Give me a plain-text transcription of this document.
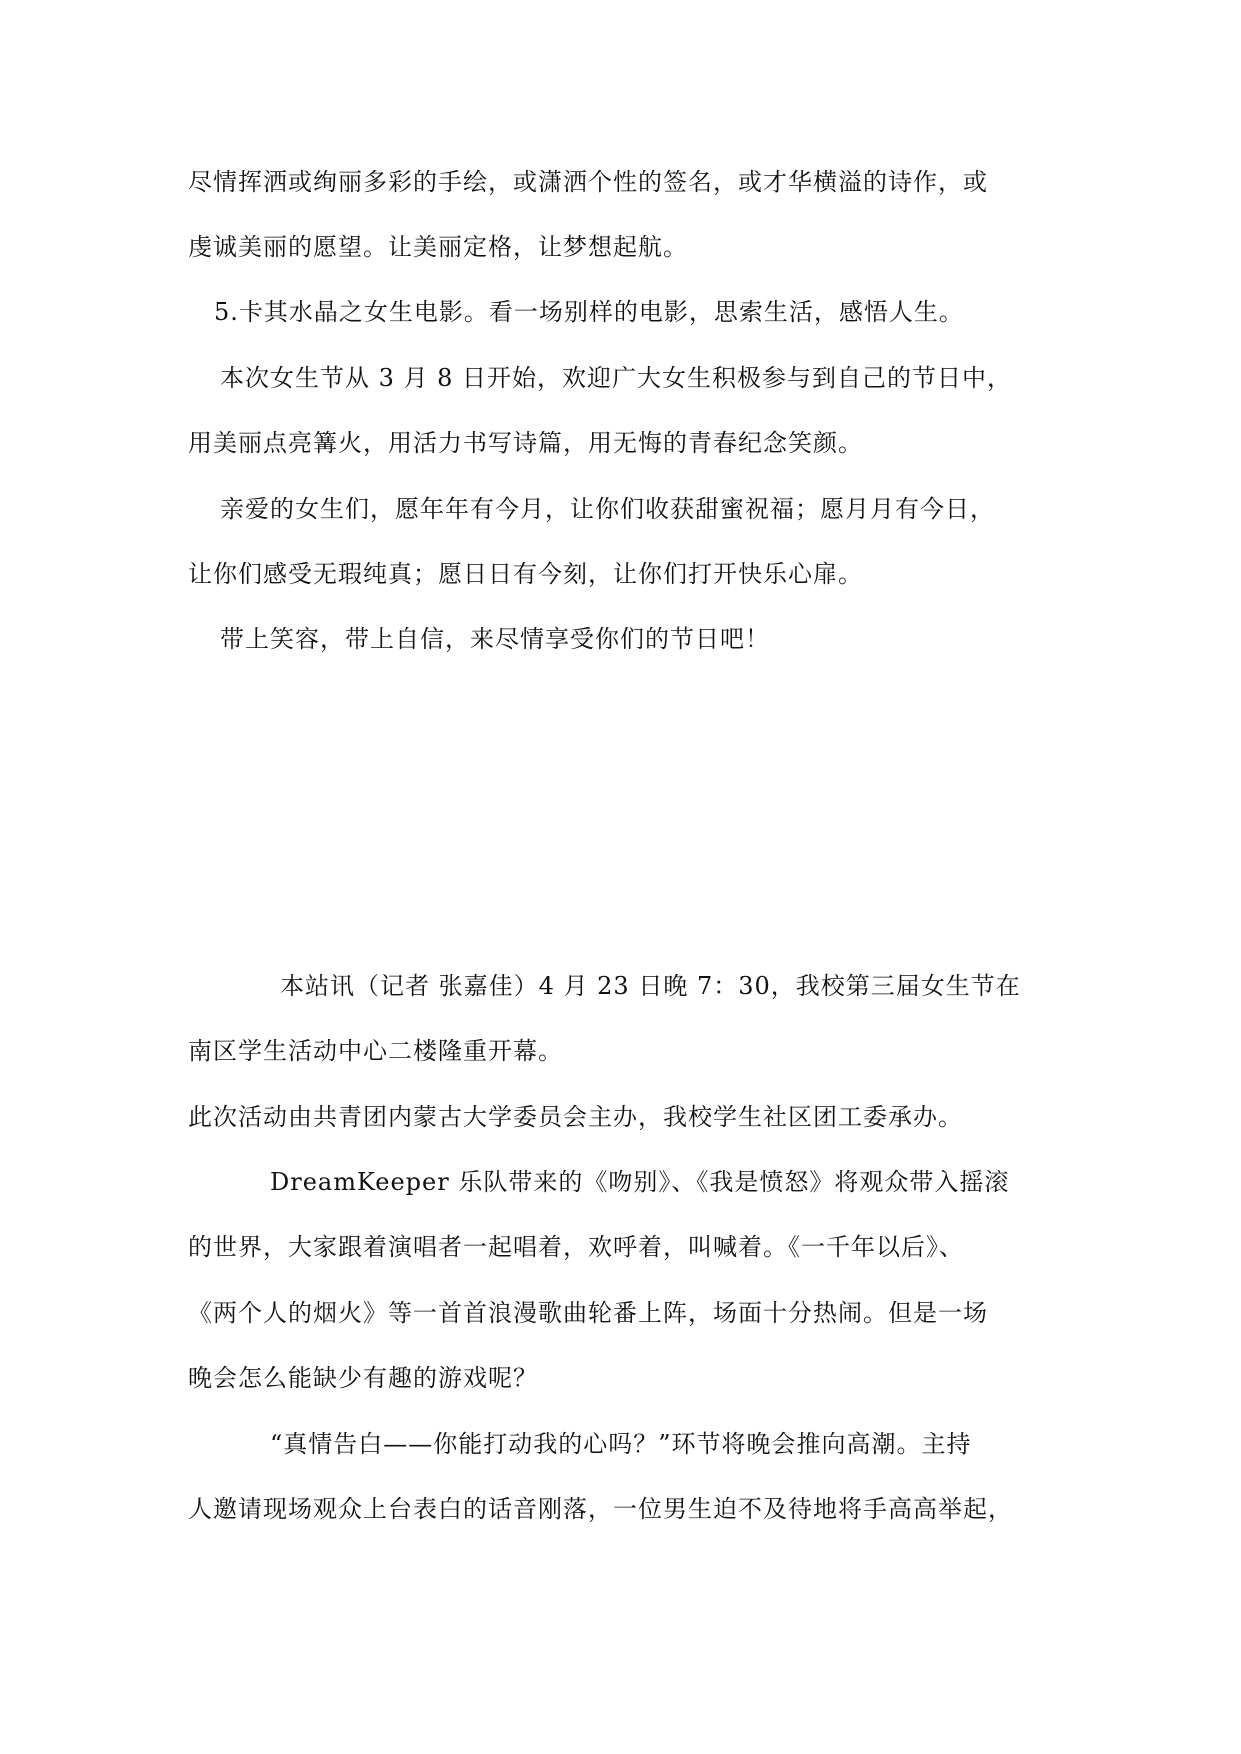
尽情挥洒或绚丽多彩的手绘，或潇洒个性的签名，或才华横溢的诗作，或
虔诚美丽的愿望。让美丽定格，让梦想起航。
5.卡其水晶之女生电影。看一场别样的电影，思索生活，感悟人生。
本次女生节从 3 月 8 日开始，欢迎广大女生积极参与到自己的节日中，
用美丽点亮篝火，用活力书写诗篇，用无悔的青春纪念笑颜。
亲爱的女生们，愿年年有今月，让你们收获甜蜜祝福；愿月月有今日，
让你们感受无瑕纯真；愿日日有今刻，让你们打开快乐心扉。
带上笑容，带上自信，来尽情享受你们的节日吧！
本站讯（记者 张嘉佳）4 月 23 日晚 7：30，我校第三届女生节在
南区学生活动中心二楼隆重开幕。
此次活动由共青团内蒙古大学委员会主办，我校学生社区团工委承办。
DreamKeeper 乐队带来的《吻别》、《我是愤怒》将观众带入摇滚
的世界，大家跟着演唱者一起唱着，欢呼着，叫喊着。《一千年以后》、
《两个人的烟火》等一首首浪漫歌曲轮番上阵，场面十分热闹。但是一场
晚会怎么能缺少有趣的游戏呢？
“真情告白——你能打动我的心吗？”环节将晚会推向高潮。主持
人邀请现场观众上台表白的话音刚落，一位男生迫不及待地将手高高举起，
